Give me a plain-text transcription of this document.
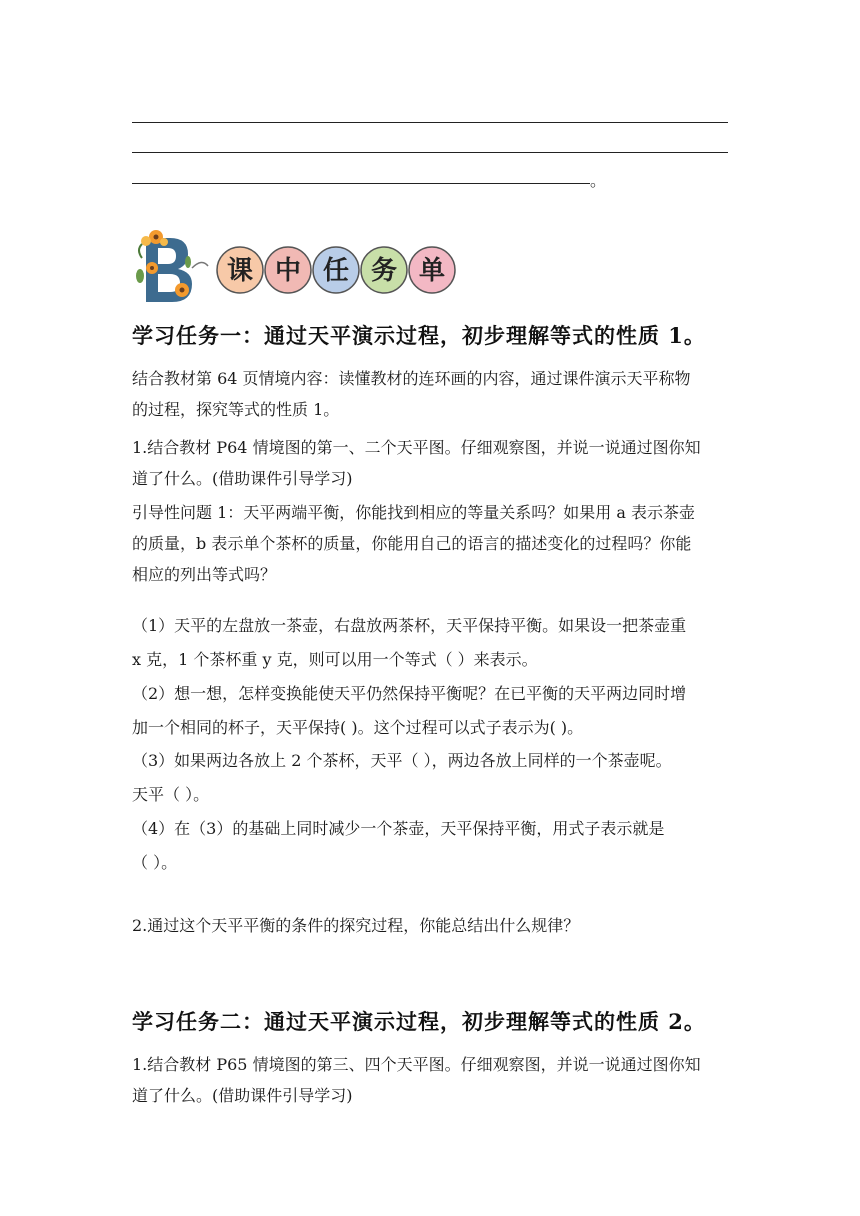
。
课 中 任 务 单
学习任务一：通过天平演示过程，初步理解等式的性质 1。
结合教材第 64 页情境内容：读懂教材的连环画的内容，通过课件演示天平称物
的过程，探究等式的性质 1。
1.结合教材 P64 情境图的第一、二个天平图。仔细观察图，并说一说通过图你知
道了什么。(借助课件引导学习)
引导性问题 1：天平两端平衡，你能找到相应的等量关系吗？如果用 a 表示茶壶
的质量，b 表示单个茶杯的质量，你能用自己的语言的描述变化的过程吗？你能
相应的列出等式吗？
（1）天平的左盘放一茶壶，右盘放两茶杯，天平保持平衡。如果设一把茶壶重
x 克，1 个茶杯重 y 克，则可以用一个等式（ ）来表示。
（2）想一想，怎样变换能使天平仍然保持平衡呢？在已平衡的天平两边同时增
加一个相同的杯子，天平保持( )。这个过程可以式子表示为( )。
（3）如果两边各放上 2 个茶杯，天平（ ），两边各放上同样的一个茶壶呢。
天平（ ）。
（4）在（3）的基础上同时减少一个茶壶，天平保持平衡，用式子表示就是
（ ）。
2.通过这个天平平衡的条件的探究过程，你能总结出什么规律？
学习任务二：通过天平演示过程，初步理解等式的性质 2。
1.结合教材 P65 情境图的第三、四个天平图。仔细观察图，并说一说通过图你知
道了什么。(借助课件引导学习)
